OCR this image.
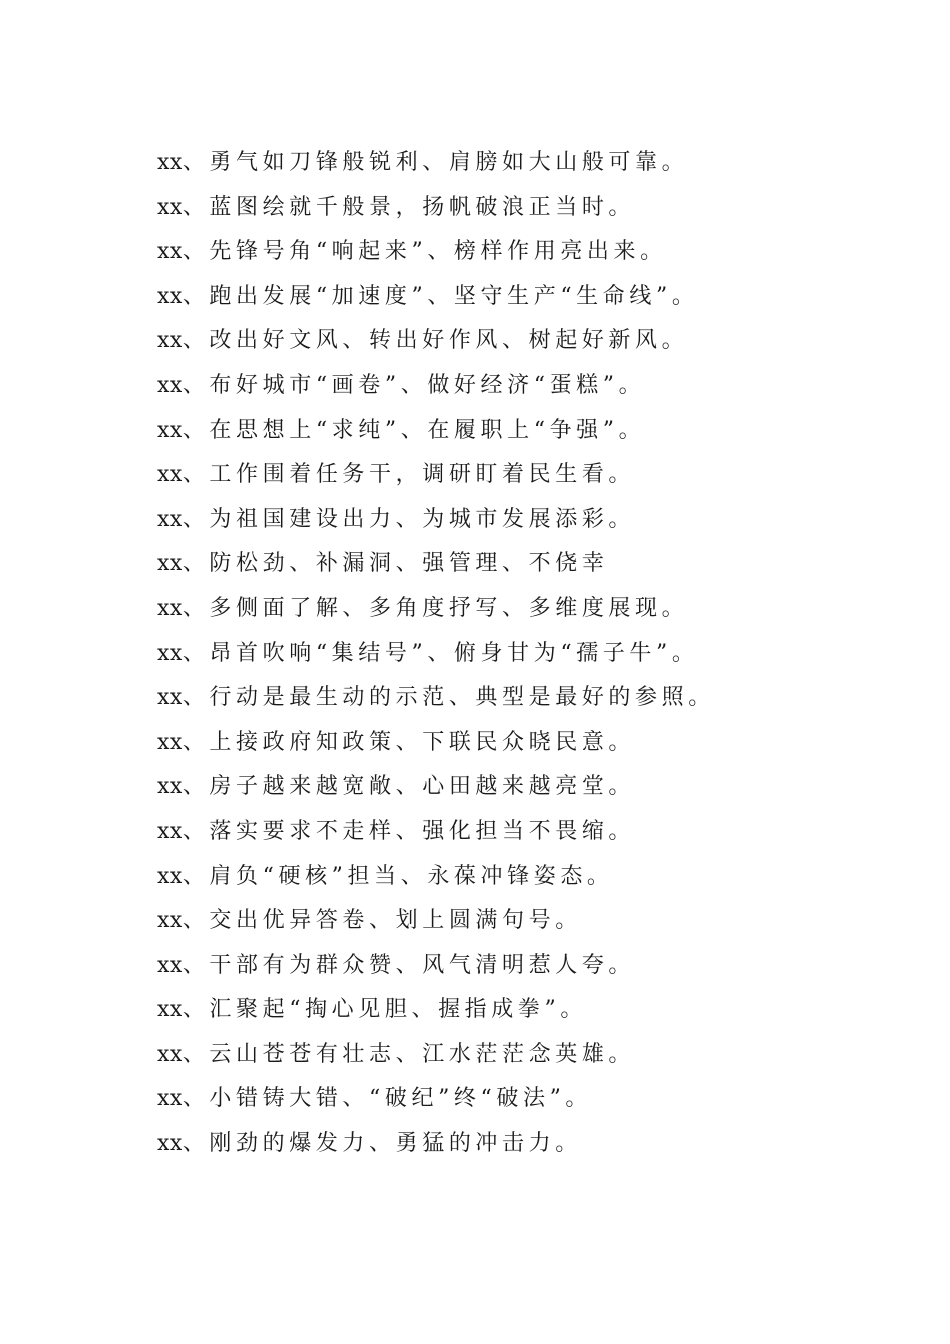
xx、勇气如刀锋般锐利、肩膀如大山般可靠。
xx、蓝图绘就千般景，扬帆破浪正当时。
xx、先锋号角“响起来”、榜样作用亮出来。
xx、跑出发展“加速度”、坚守生产“生命线”。
xx、改出好文风、转出好作风、树起好新风。
xx、布好城市“画卷”、做好经济“蛋糕”。
xx、在思想上“求纯”、在履职上“争强”。
xx、工作围着任务干，调研盯着民生看。
xx、为祖国建设出力、为城市发展添彩。
xx、防松劲、补漏洞、强管理、不侥幸
xx、多侧面了解、多角度抒写、多维度展现。
xx、昂首吹响“集结号”、俯身甘为“孺子牛”。
xx、行动是最生动的示范、典型是最好的参照。
xx、上接政府知政策、下联民众晓民意。
xx、房子越来越宽敞、心田越来越亮堂。
xx、落实要求不走样、强化担当不畏缩。
xx、肩负“硬核”担当、永葆冲锋姿态。
xx、交出优异答卷、划上圆满句号。
xx、干部有为群众赞、风气清明惹人夸。
xx、汇聚起“掏心见胆、握指成拳”。
xx、云山苍苍有壮志、江水茫茫念英雄。
xx、小错铸大错、“破纪”终“破法”。
xx、刚劲的爆发力、勇猛的冲击力。
